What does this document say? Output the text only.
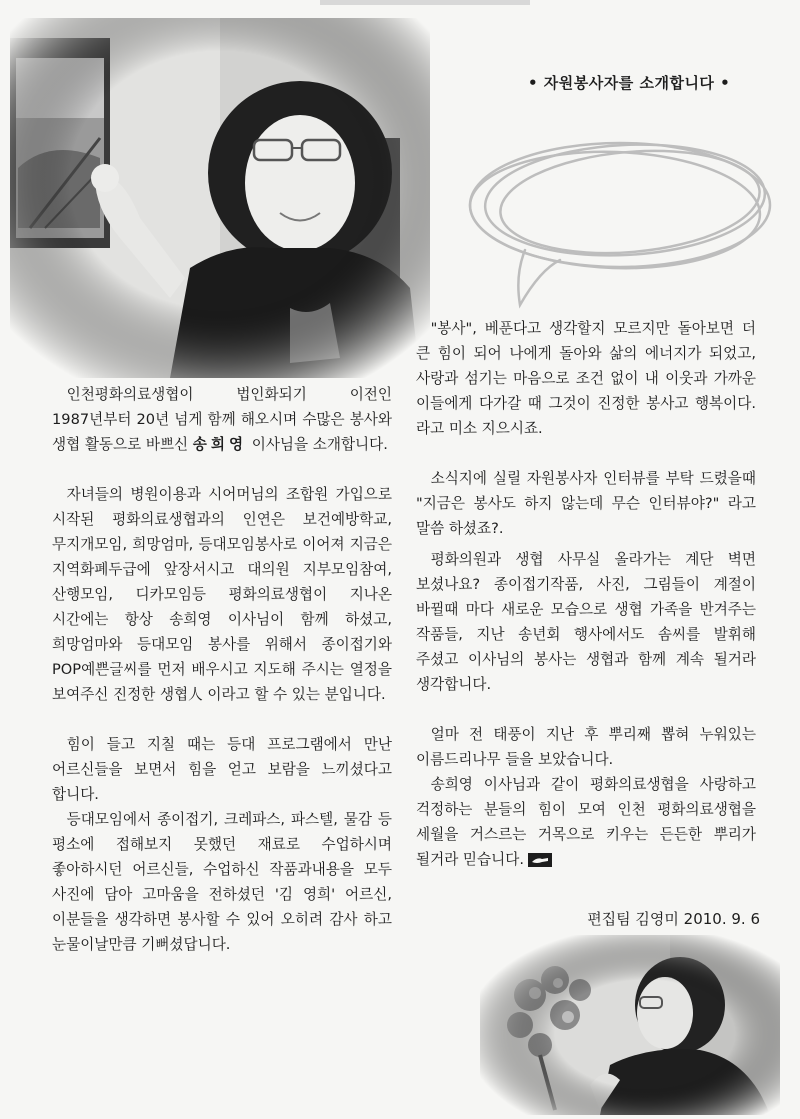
• 자원봉사자를 소개합니다 •

인천평화의료생협이 법인화되기 이전인 1987년부터 20년 넘게 함께 해오시며 수많은 봉사와 생협 활동으로 바쁘신 송희영 이사님을 소개합니다.

자녀들의 병원이용과 시어머님의 조합원 가입으로 시작된 평화의료생협과의 인연은 보건예방학교, 무지개모임, 희망엄마, 등대모임봉사로 이어져 지금은 지역화폐두급에 앞장서시고 대의원 지부모임참여, 산행모임, 디카모임등 평화의료생협이 지나온 시간에는 항상 송희영 이사님이 함께 하셨고, 희망엄마와 등대모임 봉사를 위해서 종이접기와 POP예쁜글씨를 먼저 배우시고 지도해 주시는 열정을 보여주신 진정한 생협人 이라고 할 수 있는 분입니다.

힘이 들고 지칠 때는 등대 프로그램에서 만난 어르신들을 보면서 힘을 얻고 보람을 느끼셨다고 합니다.

등대모임에서 종이접기, 크레파스, 파스텔, 물감 등 평소에 접해보지 못했던 재료로 수업하시며 좋아하시던 어르신들, 수업하신 작품과내용을 모두 사진에 담아 고마움을 전하셨던 '김 영희' 어르신, 이분들을 생각하면 봉사할 수 있어 오히려 감사 하고 눈물이날만큼 기뻐셨답니다.

"봉사", 베푼다고 생각할지 모르지만 돌아보면 더 큰 힘이 되어 나에게 돌아와 삶의 에너지가 되었고, 사랑과 섬기는 마음으로 조건 없이 내 이웃과 가까운 이들에게 다가갈 때 그것이 진정한 봉사고 행복이다. 라고 미소 지으시죠.

소식지에 실릴 자원봉사자 인터뷰를 부탁 드렸을때 "지금은 봉사도 하지 않는데 무슨 인터뷰야?" 라고 말씀 하셨죠?.

평화의원과 생협 사무실 올라가는 계단 벽면 보셨나요? 종이접기작품, 사진, 그림들이 계절이 바뀔때 마다 새로운 모습으로 생협 가족을 반겨주는 작품들, 지난 송년회 행사에서도 솜씨를 발휘해 주셨고 이사님의 봉사는 생협과 함께 계속 될거라 생각합니다.

얼마 전 태풍이 지난 후 뿌리째 뽑혀 누워있는 이름드리나무 들을 보았습니다.

송희영 이사님과 같이 평화의료생협을 사랑하고 걱정하는 분들의 힘이 모여 인천 평화의료생협을 세월을 거스르는 거목으로 키우는 든든한 뿌리가 될거라 믿습니다.

편집팀 김영미 2010. 9. 6
